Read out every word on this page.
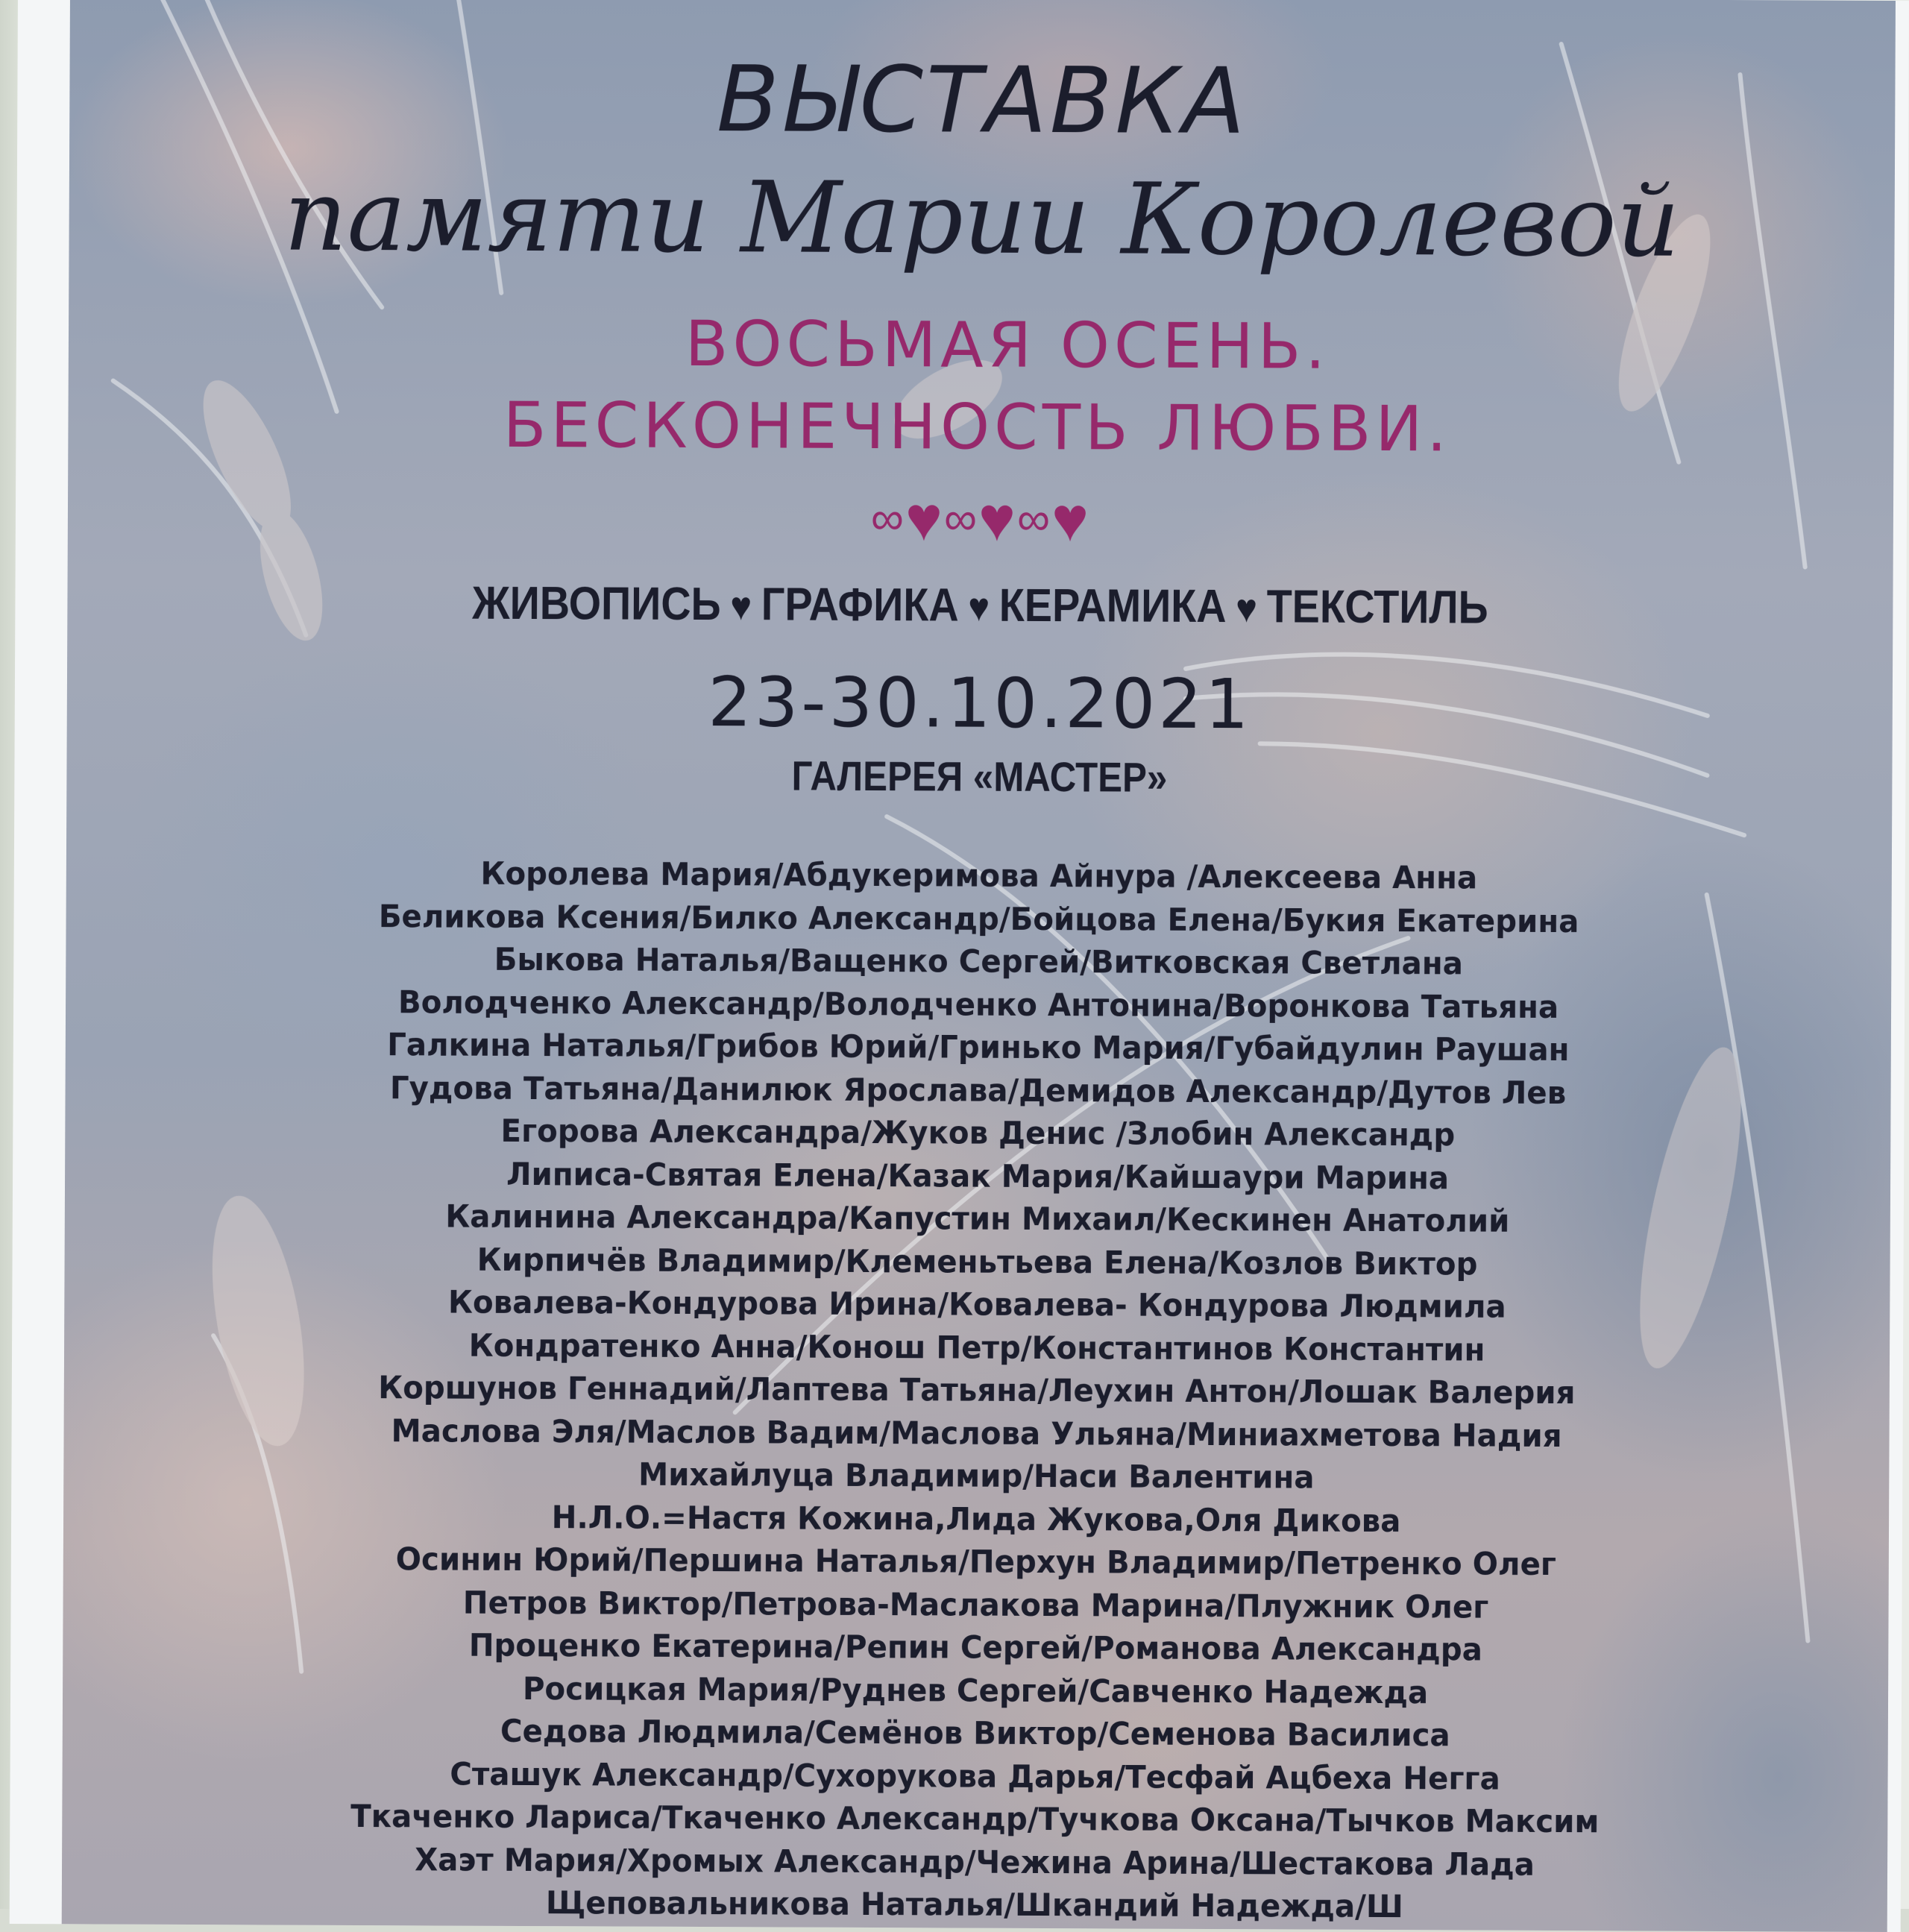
ВЫСТАВКА
памяти Марии Королевой
ВОСЬМАЯ ОСЕНЬ.
БЕСКОНЕЧНОСТЬ ЛЮБВИ.
∞♥∞♥∞♥
ЖИВОПИСЬ ♥ ГРАФИКА ♥ КЕРАМИКА ♥ ТЕКСТИЛЬ
23-30.10.2021
ГАЛЕРЕЯ «МАСТЕР»
Королева Мария/Абдукеримова Айнура /Алексеева Анна
Беликова Ксения/Билко Александр/Бойцова Елена/Букия Екатерина
Быкова Наталья/Ващенко Сергей/Витковская Светлана
Володченко Александр/Володченко Антонина/Воронкова Татьяна
Галкина Наталья/Грибов Юрий/Гринько Мария/Губайдулин Раушан
Гудова Татьяна/Данилюк Ярослава/Демидов Александр/Дутов Лев
Егорова Александра/Жуков Денис /Злобин Александр
Липиса-Святая Елена/Казак Мария/Кайшаури Марина
Калинина Александра/Капустин Михаил/Кескинен Анатолий
Кирпичёв Владимир/Клеменьтьева Елена/Козлов Виктор
Ковалева-Кондурова Ирина/Ковалева- Кондурова Людмила
Кондратенко Анна/Конош Петр/Константинов Константин
Коршунов Геннадий/Лаптева Татьяна/Леухин Антон/Лошак Валерия
Маслова Эля/Маслов Вадим/Маслова Ульяна/Миниахметова Надия
Михайлуца Владимир/Наси Валентина
Н.Л.О.=Настя Кожина,Лида Жукова,Оля Дикова
Осинин Юрий/Першина Наталья/Перхун Владимир/Петренко Олег
Петров Виктор/Петрова-Маслакова Марина/Плужник Олег
Проценко Екатерина/Репин Сергей/Романова Александра
Росицкая Мария/Руднев Сергей/Савченко Надежда
Седова Людмила/Семёнов Виктор/Семенова Василиса
Сташук Александр/Сухорукова Дарья/Тесфай Ацбеха Негга
Ткаченко Лариса/Ткаченко Александр/Тучкова Оксана/Тычков Максим
Хаэт Мария/Хромых Александр/Чежина Арина/Шестакова Лада
Щеповальникова Наталья/Шкандий Надежда/Ш
